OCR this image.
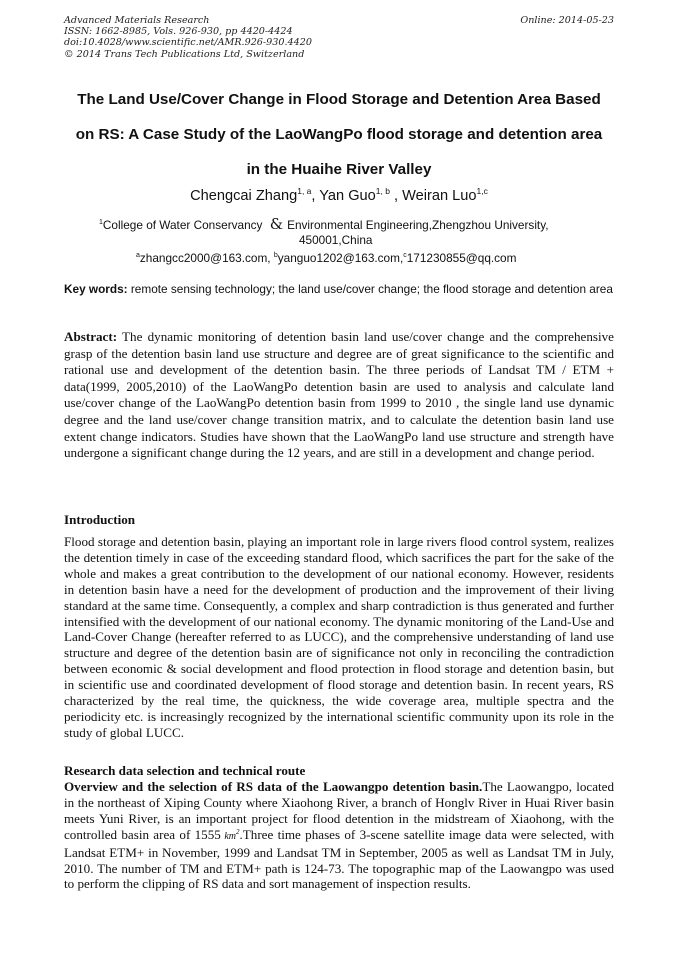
Advanced Materials Research
ISSN: 1662-8985, Vols. 926-930, pp 4420-4424
doi:10.4028/www.scientific.net/AMR.926-930.4420
© 2014 Trans Tech Publications Ltd, Switzerland
Online: 2014-05-23
The Land Use/Cover Change in Flood Storage and Detention Area Based
on RS: A Case Study of the LaoWangPo flood storage and detention area
in the Huaihe River Valley
Chengcai Zhang$^{1, a}$, Yan Guo$^{1, b}$ , Weiran Luo$^{1,c}$
$^1$College of Water Conservancy & Environmental Engineering,Zhengzhou University,
450001,China
$^a$zhangcc2000@163.com, $^b$yanguo1202@163.com,$^c$171230855@qq.com
Key words: remote sensing technology; the land use/cover change; the flood storage and detention area

Abstract: The dynamic monitoring of detention basin land use/cover change and the comprehensive grasp of the detention basin land use structure and degree are of great significance to the scientific and rational use and development of the detention basin. The three periods of Landsat TM / ETM + data(1999, 2005,2010) of the LaoWangPo detention basin are used to analysis and calculate land use/cover change of the LaoWangPo detention basin from 1999 to 2010 , the single land use dynamic degree and the land use/cover change transition matrix, and to calculate the detention basin land use extent change indicators. Studies have shown that the LaoWangPo land use structure and strength have undergone a significant change during the 12 years, and are still in a development and change period.

Introduction

Flood storage and detention basin, playing an important role in large rivers flood control system, realizes the detention timely in case of the exceeding standard flood, which sacrifices the part for the sake of the whole and makes a great contribution to the development of our national economy. However, residents in detention basin have a need for the development of production and the improvement of their living standard at the same time. Consequently, a complex and sharp contradiction is thus generated and further intensified with the development of our national economy. The dynamic monitoring of the Land-Use and Land-Cover Change (hereafter referred to as LUCC), and the comprehensive understanding of land use structure and degree of the detention basin are of significance not only in reconciling the contradiction between economic & social development and flood protection in flood storage and detention basin, but in scientific use and coordinated development of flood storage and detention basin. In recent years, RS characterized by the real time, the quickness, the wide coverage area, multiple spectra and the periodicity etc. is increasingly recognized by the international scientific community upon its role in the study of global LUCC.

Research data selection and technical route

Overview and the selection of RS data of the Laowangpo detention basin.The Laowangpo, located in the northeast of Xiping County where Xiaohong River, a branch of Honglv River in Huai River basin meets Yuni River, is an important project for flood detention in the midstream of Xiaohong, with the controlled basin area of 1555 $km^2.Three$ time phases of 3-scene satellite image data were selected, with Landsat ETM+ in November, 1999 and Landsat TM in September, 2005 as well as Landsat TM in July, 2010. The number of TM and ETM+ path is 124-73. The topographic map of the Laowangpo was used to perform the clipping of RS data and sort management of inspection results.
